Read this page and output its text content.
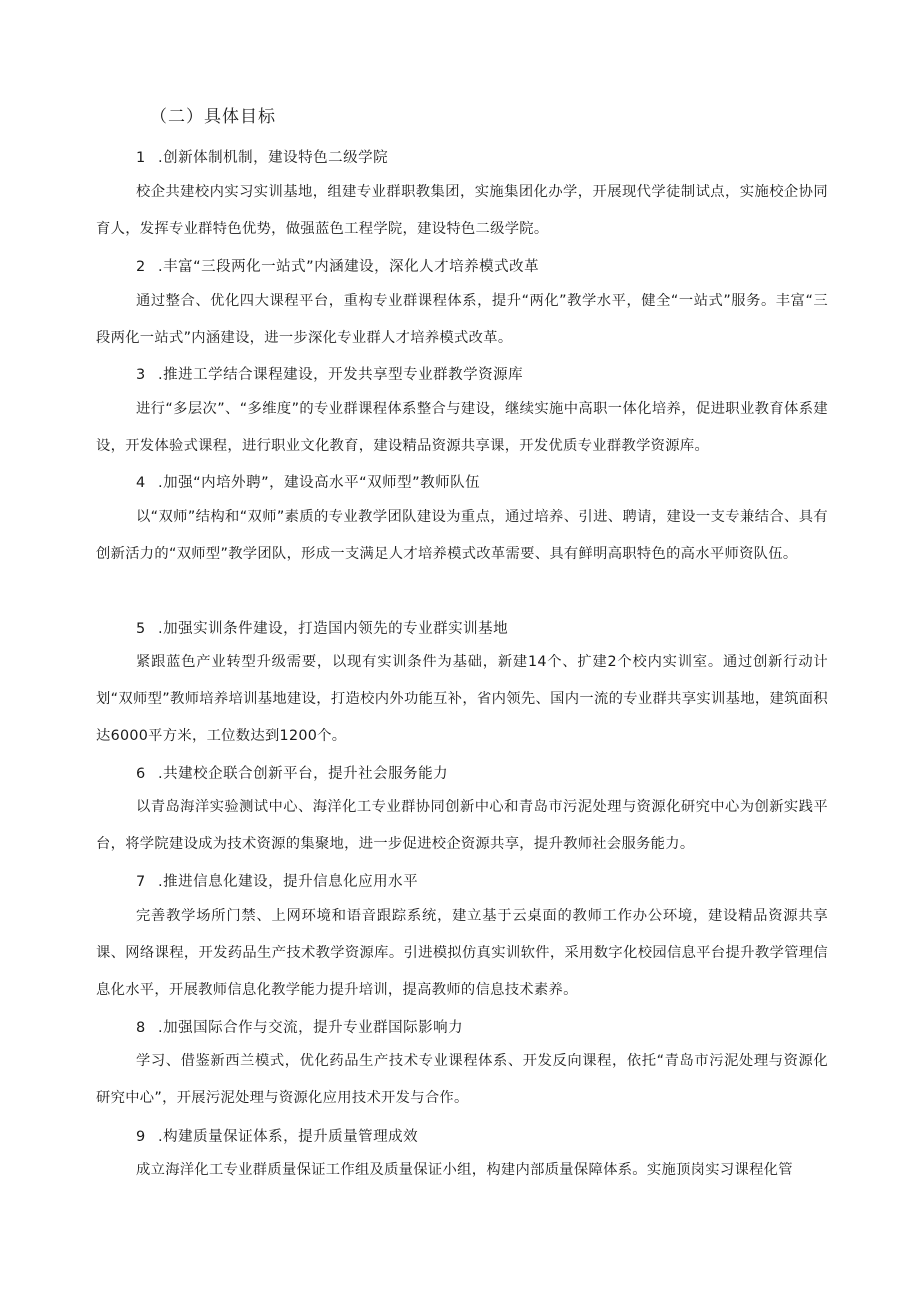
（二）具体目标
1 .创新体制机制，建设特色二级学院

校企共建校内实习实训基地，组建专业群职教集团，实施集团化办学，开展现代学徒制试点，实施校企协同育人，发挥专业群特色优势，做强蓝色工程学院，建设特色二级学院。

2 .丰富“三段两化一站式”内涵建设，深化人才培养模式改革

通过整合、优化四大课程平台，重构专业群课程体系，提升“两化”教学水平，健全“一站式”服务。丰富“三段两化一站式”内涵建设，进一步深化专业群人才培养模式改革。

3 .推进工学结合课程建设，开发共享型专业群教学资源库

进行“多层次”、“多维度”的专业群课程体系整合与建设，继续实施中高职一体化培养，促进职业教育体系建设，开发体验式课程，进行职业文化教育，建设精品资源共享课，开发优质专业群教学资源库。

4 .加强“内培外聘”，建设高水平“双师型”教师队伍

以“双师”结构和“双师”素质的专业教学团队建设为重点，通过培养、引进、聘请，建设一支专兼结合、具有创新活力的“双师型”教学团队，形成一支满足人才培养模式改革需要、具有鲜明高职特色的高水平师资队伍。

5 .加强实训条件建设，打造国内领先的专业群实训基地

紧跟蓝色产业转型升级需要，以现有实训条件为基础，新建14个、扩建2个校内实训室。通过创新行动计划“双师型”教师培养培训基地建设，打造校内外功能互补，省内领先、国内一流的专业群共享实训基地，建筑面积达6000平方米，工位数达到1200个。

6 .共建校企联合创新平台，提升社会服务能力

以青岛海洋实验测试中心、海洋化工专业群协同创新中心和青岛市污泥处理与资源化研究中心为创新实践平台，将学院建设成为技术资源的集聚地，进一步促进校企资源共享，提升教师社会服务能力。

7 .推进信息化建设，提升信息化应用水平

完善教学场所门禁、上网环境和语音跟踪系统，建立基于云桌面的教师工作办公环境，建设精品资源共享课、网络课程，开发药品生产技术教学资源库。引进模拟仿真实训软件，采用数字化校园信息平台提升教学管理信息化水平，开展教师信息化教学能力提升培训，提高教师的信息技术素养。

8 .加强国际合作与交流，提升专业群国际影响力

学习、借鉴新西兰模式，优化药品生产技术专业课程体系、开发反向课程，依托“青岛市污泥处理与资源化研究中心”，开展污泥处理与资源化应用技术开发与合作。

9 .构建质量保证体系，提升质量管理成效

成立海洋化工专业群质量保证工作组及质量保证小组，构建内部质量保障体系。实施顶岗实习课程化管
